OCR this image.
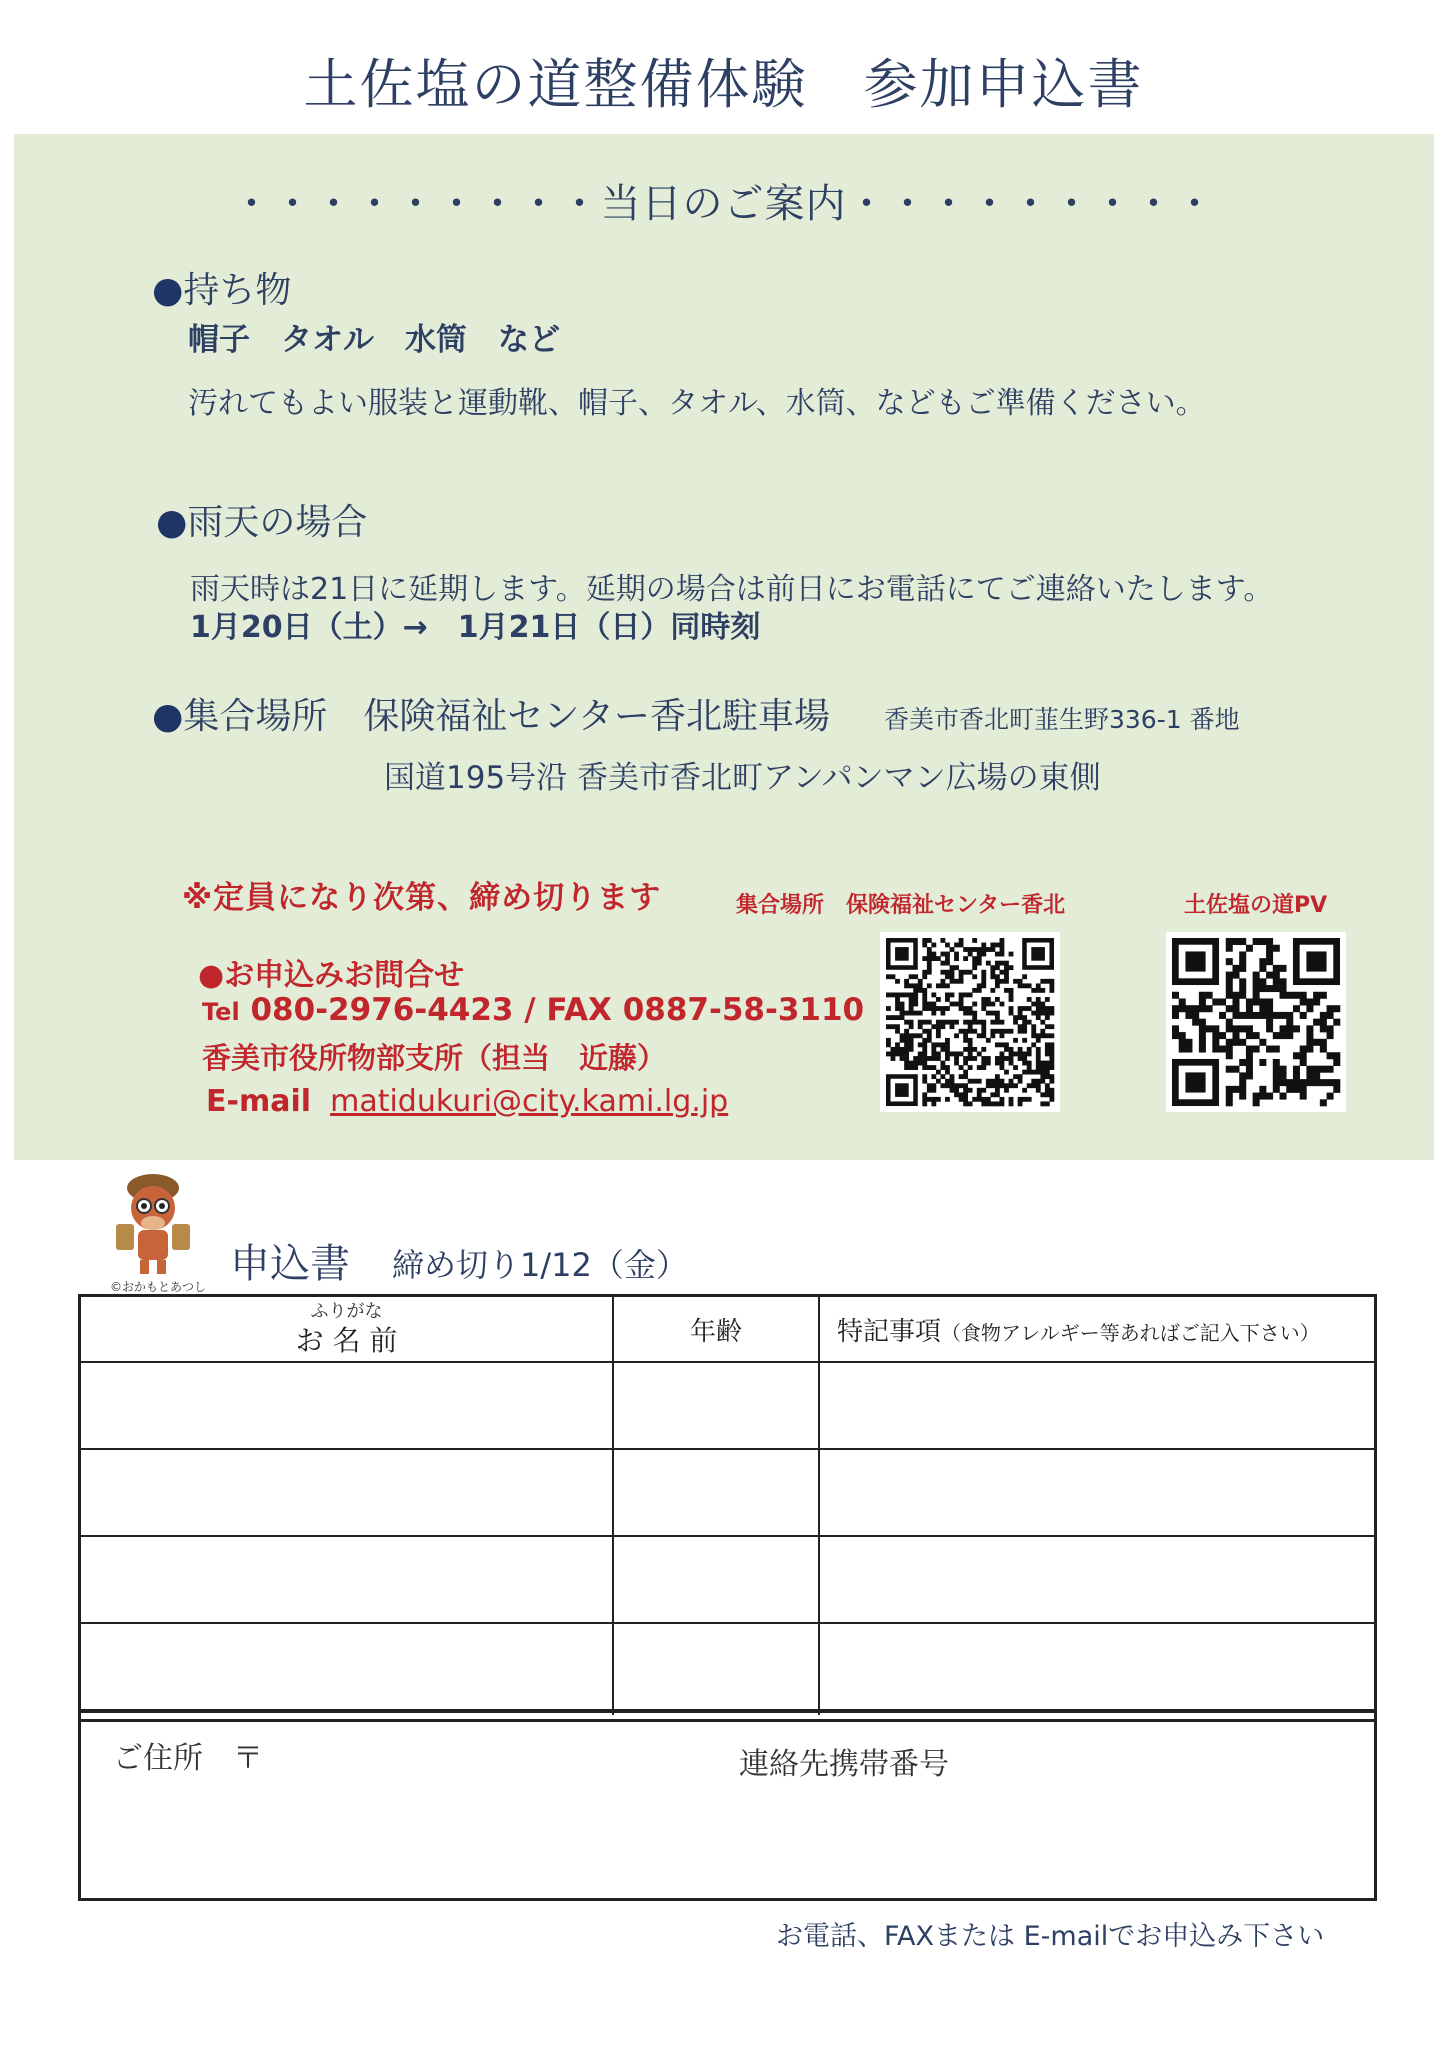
土佐塩の道整備体験　参加申込書
・・・・・・・・・当日のご案内・・・・・・・・・
●持ち物
帽子　タオル　水筒　など
汚れてもよい服装と運動靴、帽子、タオル、水筒、などもご準備ください。
●雨天の場合
雨天時は21日に延期します。延期の場合は前日にお電話にてご連絡いたします。
1月20日（土）→　1月21日（日）同時刻
●集合場所　保険福祉センター香北駐車場 香美市香北町韮生野336-1 番地
国道195号沿 香美市香北町アンパンマン広場の東側
※定員になり次第、締め切ります
●お申込みお問合せ
Tel 080-2976-4423 / FAX 0887-58-3110
香美市役所物部支所（担当　近藤）
E-mail matidukuri@city.kami.lg.jp
集合場所　保険福祉センター香北	土佐塩の道PV
©おかもとあつし 申込書 締め切り1/12（金）
ふりがな
お 名 前	年齢	特記事項（食物アレルギー等あればご記入下さい）
ご住所　〒	連絡先携帯番号
お電話、FAXまたは E-mailでお申込み下さい
